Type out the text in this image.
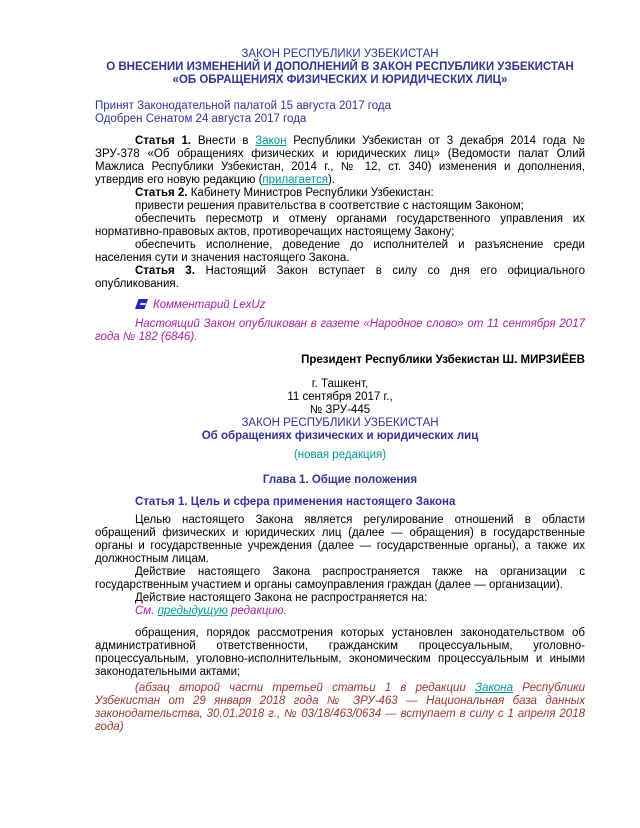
ЗАКОН РЕСПУБЛИКИ УЗБЕКИСТАН

О ВНЕСЕНИИ ИЗМЕНЕНИЙ И ДОПОЛНЕНИЙ В ЗАКОН РЕСПУБЛИКИ УЗБЕКИСТАН «ОБ ОБРАЩЕНИЯХ ФИЗИЧЕСКИХ И ЮРИДИЧЕСКИХ ЛИЦ»

Принят Законодательной палатой 15 августа 2017 года

Одобрен Сенатом 24 августа 2017 года

Статья 1. Внести в Закон Республики Узбекистан от 3 декабря 2014 года № ЗРУ-378 «Об обращениях физических и юридических лиц» (Ведомости палат Олий Мажлиса Республики Узбекистан, 2014 г., № 12, ст. 340) изменения и дополнения, утвердив его новую редакцию (прилагается).

Статья 2. Кабинету Министров Республики Узбекистан:

привести решения правительства в соответствие с настоящим Законом;

обеспечить пересмотр и отмену органами государственного управления их нормативно-правовых актов, противоречащих настоящему Закону;

обеспечить исполнение, доведение до исполнителей и разъяснение среди населения сути и значения настоящего Закона.

Статья 3. Настоящий Закон вступает в силу со дня его официального опубликования.

Комментарий LexUz

Настоящий Закон опубликован в газете «Народное слово» от 11 сентября 2017 года № 182 (6846).

Президент Республики Узбекистан Ш. МИРЗИЁЕВ

г. Ташкент,

11 сентября 2017 г.,

№ ЗРУ-445

ЗАКОН РЕСПУБЛИКИ УЗБЕКИСТАН

Об обращениях физических и юридических лиц

(новая редакция)

Глава 1. Общие положения

Статья 1. Цель и сфера применения настоящего Закона

Целью настоящего Закона является регулирование отношений в области обращений физических и юридических лиц (далее — обращения) в государственные органы и государственные учреждения (далее — государственные органы), а также их должностным лицам.

Действие настоящего Закона распространяется также на организации с государственным участием и органы самоуправления граждан (далее — организации).

Действие настоящего Закона не распространяется на:

См. предыдущую редакцию.

обращения, порядок рассмотрения которых установлен законодательством об административной ответственности, гражданским процессуальным, уголовно-процессуальным, уголовно-исполнительным, экономическим процессуальным и иными законодательными актами;

(абзац второй части третьей статьи 1 в редакции Закона Республики Узбекистан от 29 января 2018 года № ЗРУ-463 — Национальная база данных законодательства, 30.01.2018 г., № 03/18/463/0634 — вступает в силу с 1 апреля 2018 года)
